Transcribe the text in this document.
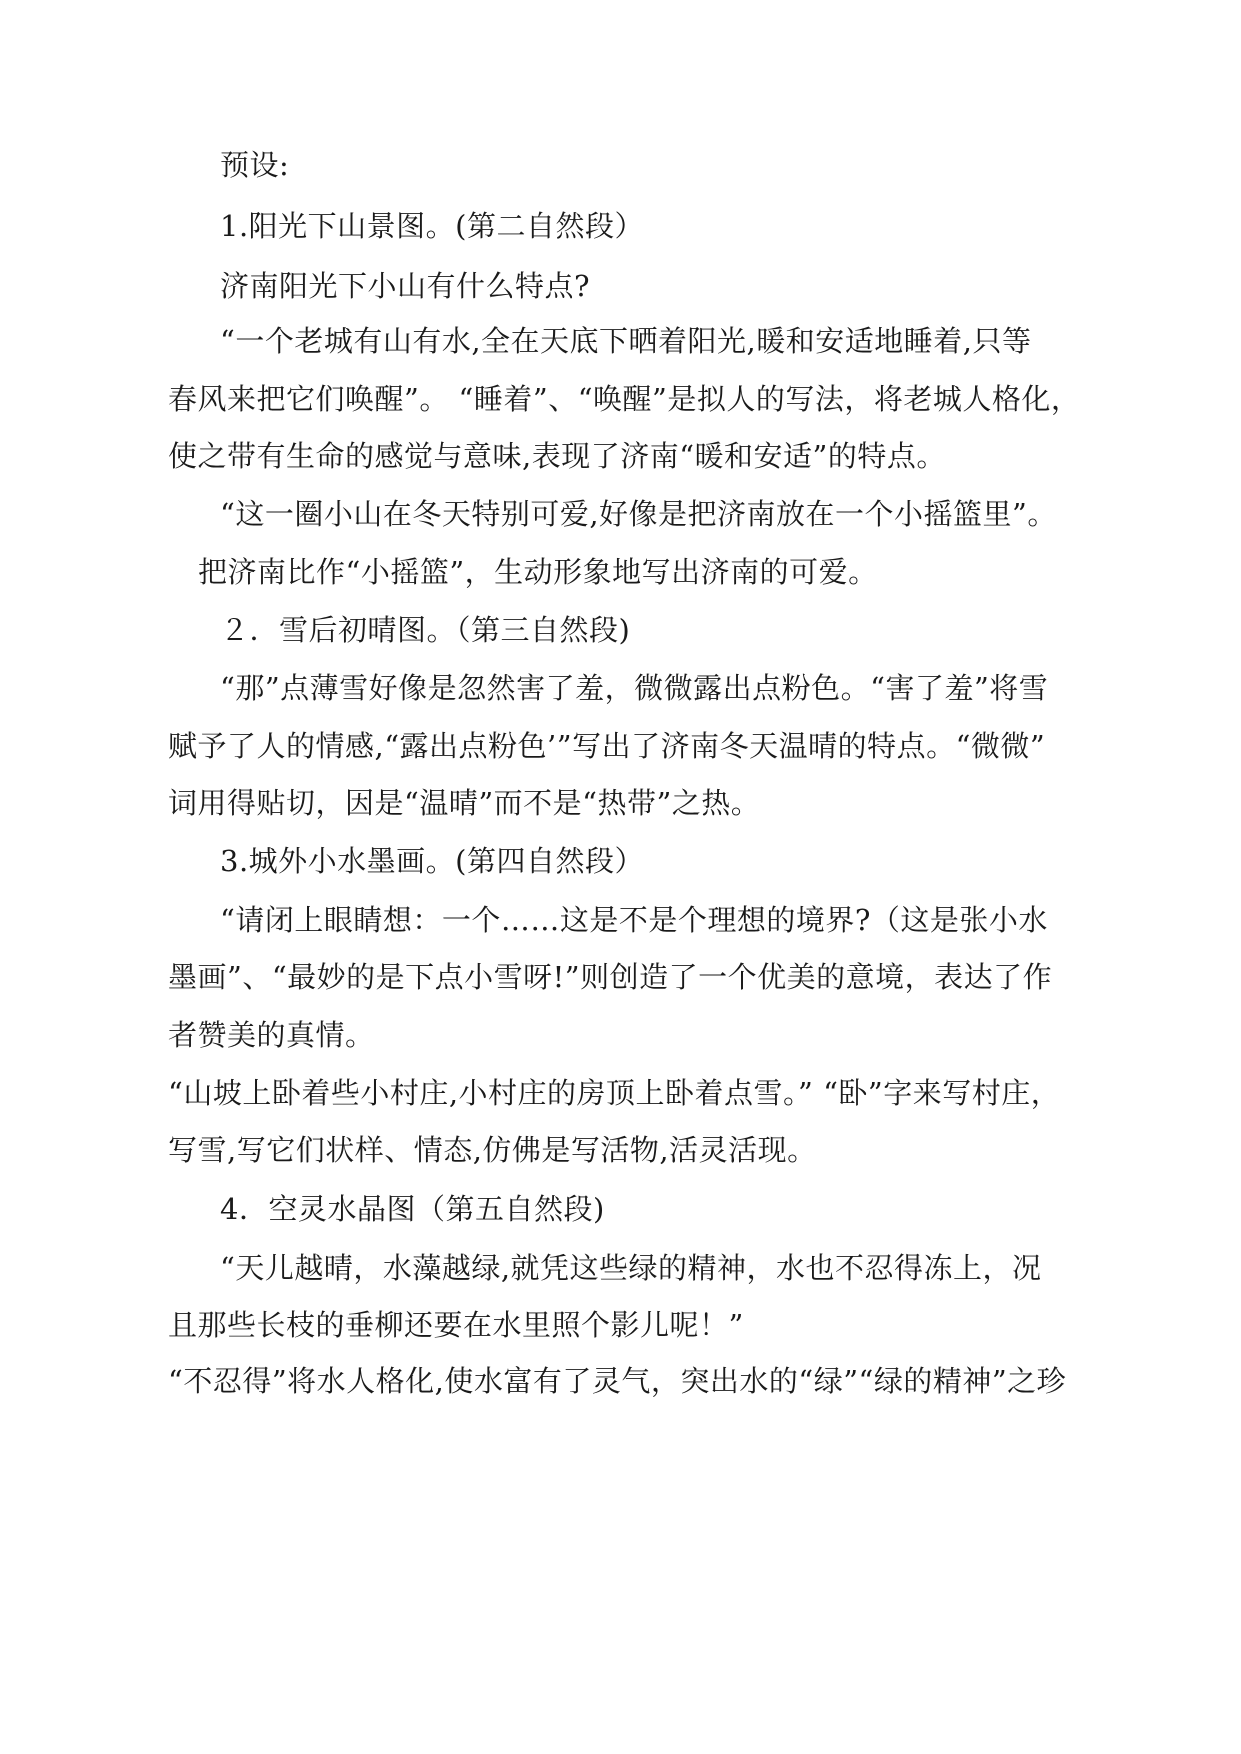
预设:
1.阳光下山景图。(第二自然段）
济南阳光下小山有什么特点?
“一个老城有山有水,全在天底下晒着阳光,暖和安适地睡着,只等
春风来把它们唤醒”。 “睡着”、“唤醒”是拟人的写法，将老城人格化，
使之带有生命的感觉与意味,表现了济南“暖和安适”的特点。
“这一圈小山在冬天特别可爱,好像是把济南放在一个小摇篮里”。
把济南比作“小摇篮”，生动形象地写出济南的可爱。
２．雪后初晴图。（第三自然段)
“那”点薄雪好像是忽然害了羞，微微露出点粉色。“害了羞”将雪
赋予了人的情感,“露出点粉色’”写出了济南冬天温晴的特点。“微微”
词用得贴切，因是“温晴”而不是“热带”之热。
3.城外小水墨画。(第四自然段）
“请闭上眼睛想：一个……这是不是个理想的境界?（这是张小水
墨画”、“最妙的是下点小雪呀!”则创造了一个优美的意境，表达了作
者赞美的真情。
“山坡上卧着些小村庄,小村庄的房顶上卧着点雪。” “卧”字来写村庄，
写雪,写它们状样、情态,仿佛是写活物,活灵活现。
4．空灵水晶图（第五自然段)
“天儿越晴，水藻越绿,就凭这些绿的精神，水也不忍得冻上，况
且那些长枝的垂柳还要在水里照个影儿呢！”
“不忍得”将水人格化,使水富有了灵气，突出水的“绿”“绿的精神”之珍
